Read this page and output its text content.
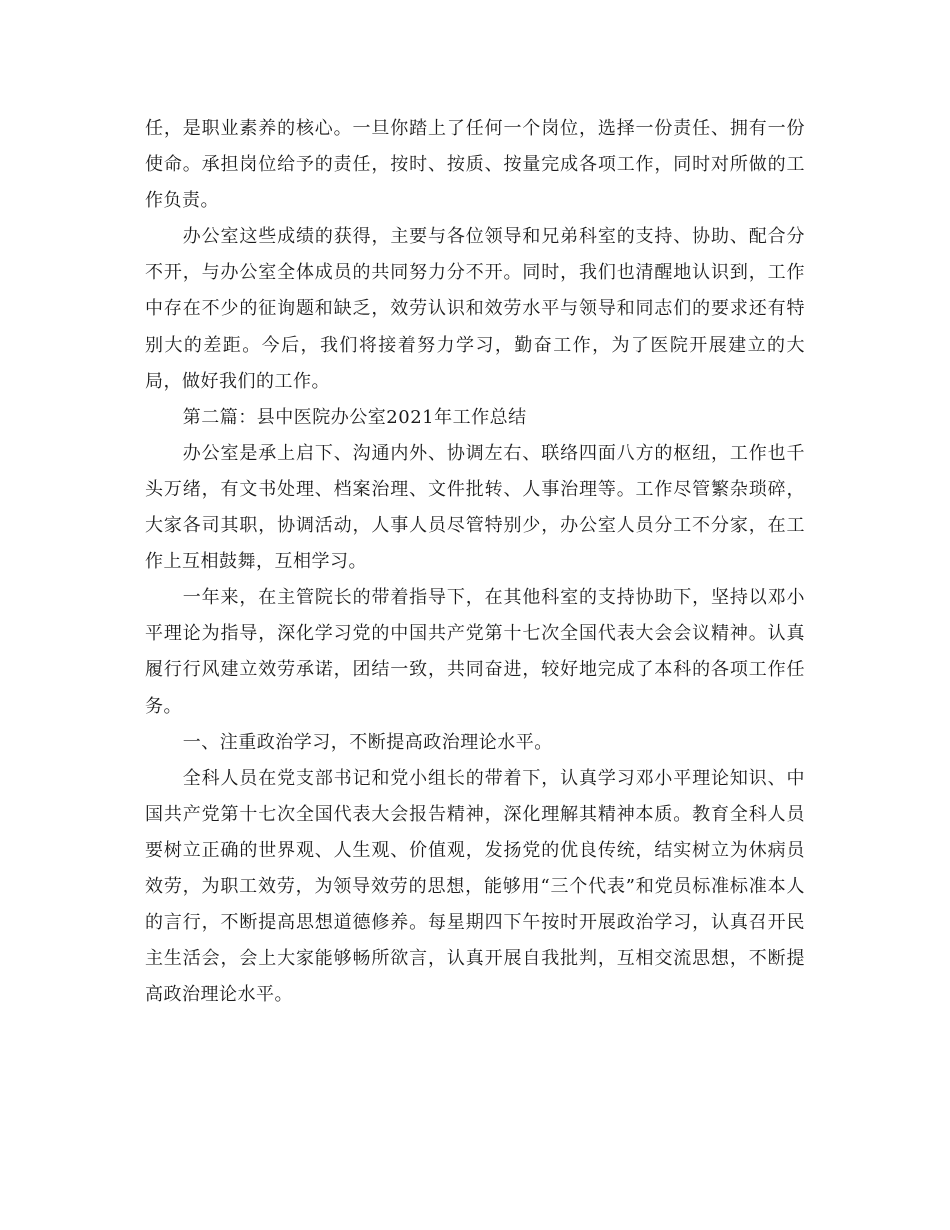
任，是职业素养的核心。一旦你踏上了任何一个岗位，选择一份责任、拥有一份使命。承担岗位给予的责任，按时、按质、按量完成各项工作，同时对所做的工作负责。

办公室这些成绩的获得，主要与各位领导和兄弟科室的支持、协助、配合分不开，与办公室全体成员的共同努力分不开。同时，我们也清醒地认识到，工作中存在不少的征询题和缺乏，效劳认识和效劳水平与领导和同志们的要求还有特别大的差距。今后，我们将接着努力学习，勤奋工作，为了医院开展建立的大局，做好我们的工作。

第二篇：县中医院办公室2021年工作总结

办公室是承上启下、沟通内外、协调左右、联络四面八方的枢纽，工作也千头万绪，有文书处理、档案治理、文件批转、人事治理等。工作尽管繁杂琐碎，大家各司其职，协调活动，人事人员尽管特别少，办公室人员分工不分家，在工作上互相鼓舞，互相学习。

一年来，在主管院长的带着指导下，在其他科室的支持协助下，坚持以邓小平理论为指导，深化学习党的中国共产党第十七次全国代表大会会议精神。认真履行行风建立效劳承诺，团结一致，共同奋进，较好地完成了本科的各项工作任务。

一、注重政治学习，不断提高政治理论水平。

全科人员在党支部书记和党小组长的带着下，认真学习邓小平理论知识、中国共产党第十七次全国代表大会报告精神，深化理解其精神本质。教育全科人员要树立正确的世界观、人生观、价值观，发扬党的优良传统，结实树立为休病员效劳，为职工效劳，为领导效劳的思想，能够用“三个代表”和党员标准标准本人的言行，不断提高思想道德修养。每星期四下午按时开展政治学习，认真召开民主生活会，会上大家能够畅所欲言，认真开展自我批判，互相交流思想，不断提高政治理论水平。
